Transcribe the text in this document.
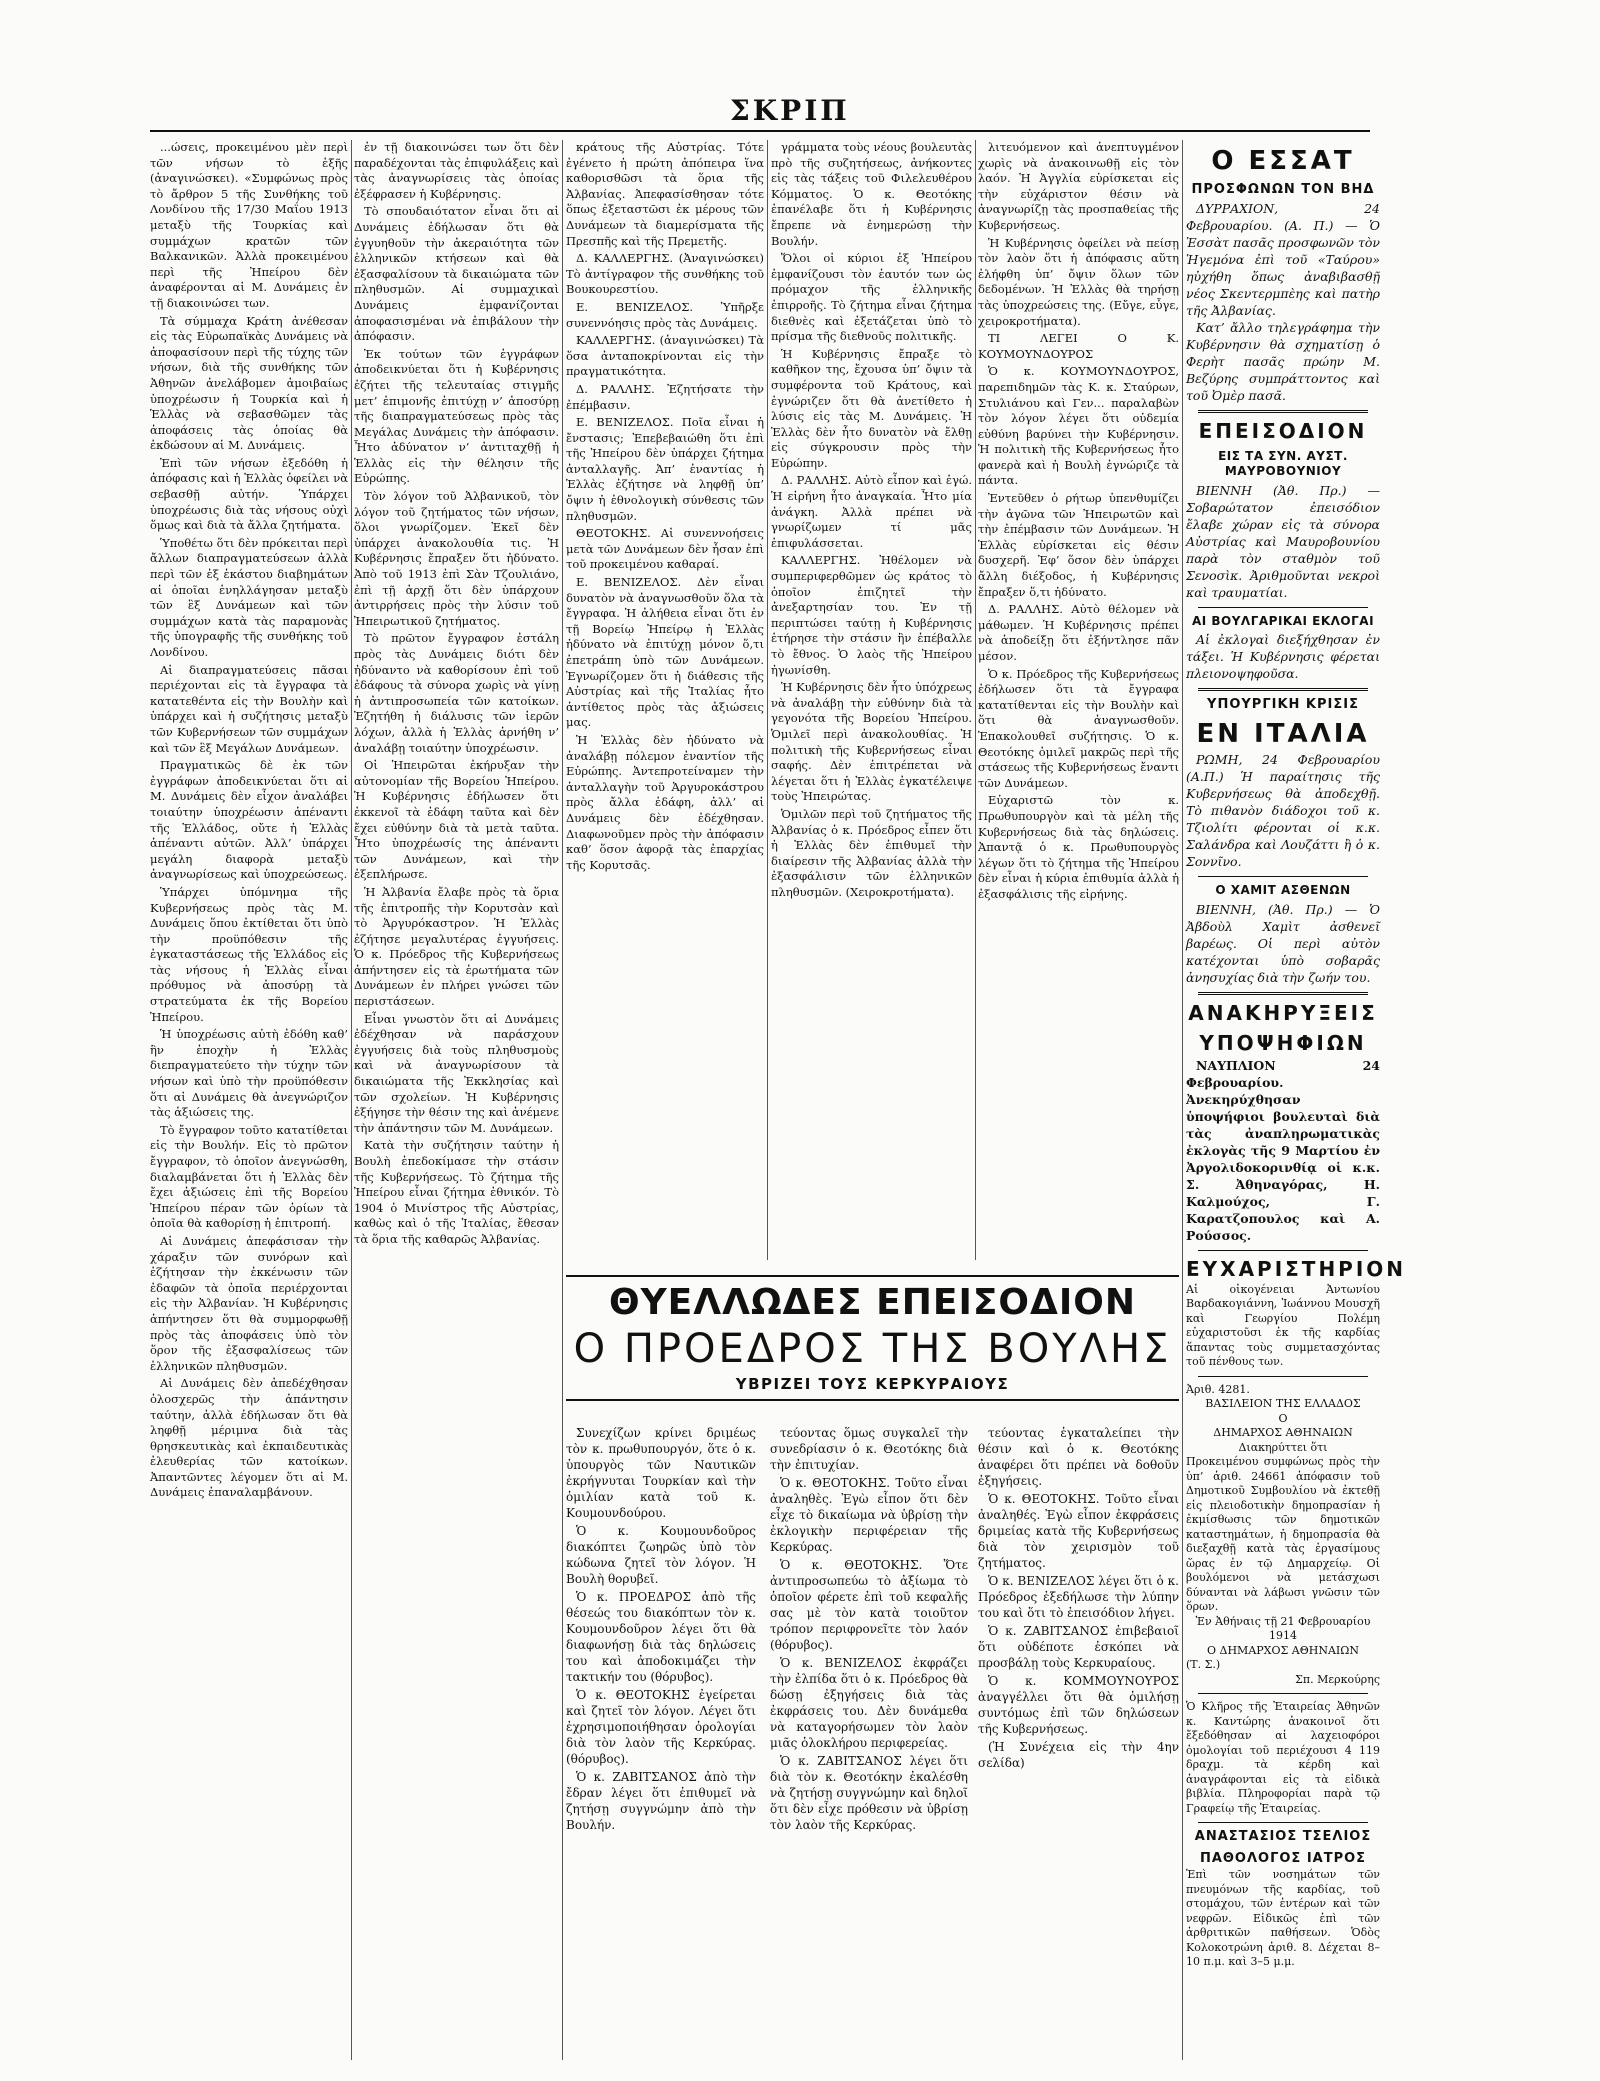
ΣΚΡΙΠ

...ώσεις, προκειμένου μὲν περὶ τῶν νήσων τὸ ἑξῆς (ἀναγινώσκει). «Συμφώνως πρὸς τὸ ἄρθρον 5 τῆς Συνθήκης τοῦ Λονδίνου τῆς 17/30 Μαΐου 1913 μεταξὺ τῆς Τουρκίας καὶ συμμάχων κρατῶν τῶν Βαλκανικῶν. Ἀλλὰ προκειμένου περὶ τῆς Ἠπείρου δὲν ἀναφέρονται αἱ Μ. Δυνάμεις ἐν τῇ διακοινώσει των.

Τὰ σύμμαχα Κράτη ἀνέθεσαν εἰς τὰς Εὐρωπαϊκὰς Δυνάμεις νὰ ἀποφασίσουν περὶ τῆς τύχης τῶν νήσων, διὰ τῆς συνθήκης τῶν Ἀθηνῶν ἀνελάβομεν ἀμοιβαίως ὑποχρέωσιν ἡ Τουρκία καὶ ἡ Ἑλλὰς νὰ σεβασθῶμεν τὰς ἀποφάσεις τὰς ὁποίας θὰ ἐκδώσουν αἱ Μ. Δυνάμεις.

Ἐπὶ τῶν νήσων ἐξεδόθη ἡ ἀπόφασις καὶ ἡ Ἑλλὰς ὀφείλει νὰ σεβασθῇ αὐτήν. Ὑπάρχει ὑποχρέωσις διὰ τὰς νήσους οὐχὶ ὅμως καὶ διὰ τὰ ἄλλα ζητήματα.

Ὑποθέτω ὅτι δὲν πρόκειται περὶ ἄλλων διαπραγματεύσεων ἀλλὰ περὶ τῶν ἐξ ἑκάστου διαβημάτων αἱ ὁποῖαι ἐνηλλάγησαν μεταξὺ τῶν ἓξ Δυνάμεων καὶ τῶν συμμάχων κατὰ τὰς παραμονὰς τῆς ὑπογραφῆς τῆς συνθήκης τοῦ Λονδίνου.

Αἱ διαπραγματεύσεις πᾶσαι περιέχονται εἰς τὰ ἔγγραφα τὰ κατατεθέντα εἰς τὴν Βουλὴν καὶ ὑπάρχει καὶ ἡ συζήτησις μεταξὺ τῶν Κυβερνήσεων τῶν συμμάχων καὶ τῶν ἓξ Μεγάλων Δυνάμεων.

Πραγματικῶς δὲ ἐκ τῶν ἐγγράφων ἀποδεικνύεται ὅτι αἱ Μ. Δυνάμεις δὲν εἶχον ἀναλάβει τοιαύτην ὑποχρέωσιν ἀπέναντι τῆς Ἑλλάδος, οὔτε ἡ Ἑλλὰς ἀπέναντι αὐτῶν. Ἀλλ’ ὑπάρχει μεγάλη διαφορὰ μεταξὺ ἀναγνωρίσεως καὶ ὑποχρεώσεως.

Ὑπάρχει ὑπόμνημα τῆς Κυβερνήσεως πρὸς τὰς Μ. Δυνάμεις ὅπου ἐκτίθεται ὅτι ὑπὸ τὴν προϋπόθεσιν τῆς ἐγκαταστάσεως τῆς Ἑλλάδος εἰς τὰς νήσους ἡ Ἑλλὰς εἶναι πρόθυμος νὰ ἀποσύρῃ τὰ στρατεύματα ἐκ τῆς Βορείου Ἠπείρου.

Ἡ ὑποχρέωσις αὐτὴ ἐδόθη καθ’ ἣν ἐποχὴν ἡ Ἑλλὰς διεπραγματεύετο τὴν τύχην τῶν νήσων καὶ ὑπὸ τὴν προϋπόθεσιν ὅτι αἱ Δυνάμεις θὰ ἀνεγνώριζον τὰς ἀξιώσεις της.

Τὸ ἔγγραφον τοῦτο κατατίθεται εἰς τὴν Βουλήν. Εἰς τὸ πρῶτον ἔγγραφον, τὸ ὁποῖον ἀνεγνώσθη, διαλαμβάνεται ὅτι ἡ Ἑλλὰς δὲν ἔχει ἀξιώσεις ἐπὶ τῆς Βορείου Ἠπείρου πέραν τῶν ὁρίων τὰ ὁποῖα θὰ καθορίσῃ ἡ ἐπιτροπή.

Αἱ Δυνάμεις ἀπεφάσισαν τὴν χάραξιν τῶν συνόρων καὶ ἐζήτησαν τὴν ἐκκένωσιν τῶν ἐδαφῶν τὰ ὁποῖα περιέρχονται εἰς τὴν Ἀλβανίαν. Ἡ Κυβέρνησις ἀπήντησεν ὅτι θὰ συμμορφωθῇ πρὸς τὰς ἀποφάσεις ὑπὸ τὸν ὅρον τῆς ἐξασφαλίσεως τῶν ἑλληνικῶν πληθυσμῶν.

Αἱ Δυνάμεις δὲν ἀπεδέχθησαν ὁλοσχερῶς τὴν ἀπάντησιν ταύτην, ἀλλὰ ἐδήλωσαν ὅτι θὰ ληφθῇ μέριμνα διὰ τὰς θρησκευτικὰς καὶ ἐκπαιδευτικὰς ἐλευθερίας τῶν κατοίκων. Ἀπαντῶντες λέγομεν ὅτι αἱ Μ. Δυνάμεις ἐπαναλαμβάνουν.

ἐν τῇ διακοινώσει των ὅτι δὲν παραδέχονται τὰς ἐπιφυλάξεις καὶ τὰς ἀναγνωρίσεις τὰς ὁποίας ἐξέφρασεν ἡ Κυβέρνησις.

Τὸ σπουδαιότατον εἶναι ὅτι αἱ Δυνάμεις ἐδήλωσαν ὅτι θὰ ἐγγυηθοῦν τὴν ἀκεραιότητα τῶν ἑλληνικῶν κτήσεων καὶ θὰ ἐξασφαλίσουν τὰ δικαιώματα τῶν πληθυσμῶν. Αἱ συμμαχικαὶ Δυνάμεις ἐμφανίζονται ἀποφασισμέναι νὰ ἐπιβάλουν τὴν ἀπόφασιν.

Ἐκ τούτων τῶν ἐγγράφων ἀποδεικνύεται ὅτι ἡ Κυβέρνησις ἐζήτει τῆς τελευταίας στιγμῆς μετ’ ἐπιμονῆς ἐπιτύχῃ ν’ ἀποσύρῃ τῆς διαπραγματεύσεως πρὸς τὰς Μεγάλας Δυνάμεις τὴν ἀπόφασιν. Ἦτο ἀδύνατον ν’ ἀντιταχθῇ ἡ Ἑλλὰς εἰς τὴν θέλησιν τῆς Εὐρώπης.

Τὸν λόγον τοῦ Ἀλβανικοῦ, τὸν λόγον τοῦ ζητήματος τῶν νήσων, ὅλοι γνωρίζομεν. Ἐκεῖ δὲν ὑπάρχει ἀνακολουθία τις. Ἡ Κυβέρνησις ἔπραξεν ὅτι ἠδύνατο. Ἀπὸ τοῦ 1913 ἐπὶ Σὰν Τζουλιάνο, ἐπὶ τῇ ἀρχῇ ὅτι δὲν ὑπάρχουν ἀντιρρήσεις πρὸς τὴν λύσιν τοῦ Ἠπειρωτικοῦ ζητήματος.

Τὸ πρῶτον ἔγγραφον ἐστάλη πρὸς τὰς Δυνάμεις διότι δὲν ἠδύναντο νὰ καθορίσουν ἐπὶ τοῦ ἐδάφους τὰ σύνορα χωρὶς νὰ γίνῃ ἡ ἀντιπροσωπεία τῶν κατοίκων. Ἐζητήθη ἡ διάλυσις τῶν ἱερῶν λόχων, ἀλλὰ ἡ Ἑλλὰς ἀρνήθη ν’ ἀναλάβῃ τοιαύτην ὑποχρέωσιν.

Οἱ Ἠπειρῶται ἐκήρυξαν τὴν αὐτονομίαν τῆς Βορείου Ἠπείρου. Ἡ Κυβέρνησις ἐδήλωσεν ὅτι ἐκκενοῖ τὰ ἐδάφη ταῦτα καὶ δὲν ἔχει εὐθύνην διὰ τὰ μετὰ ταῦτα. Ἦτο ὑποχρέωσίς της ἀπέναντι τῶν Δυνάμεων, καὶ τὴν ἐξεπλήρωσε.

Ἡ Ἀλβανία ἔλαβε πρὸς τὰ ὅρια τῆς ἐπιτροπῆς τὴν Κορυτσὰν καὶ τὸ Ἀργυρόκαστρον. Ἡ Ἑλλὰς ἐζήτησε μεγαλυτέρας ἐγγυήσεις. Ὁ κ. Πρόεδρος τῆς Κυβερνήσεως ἀπήντησεν εἰς τὰ ἐρωτήματα τῶν Δυνάμεων ἐν πλήρει γνώσει τῶν περιστάσεων.

Εἶναι γνωστὸν ὅτι αἱ Δυνάμεις ἐδέχθησαν νὰ παράσχουν ἐγγυήσεις διὰ τοὺς πληθυσμοὺς καὶ νὰ ἀναγνωρίσουν τὰ δικαιώματα τῆς Ἐκκλησίας καὶ τῶν σχολείων. Ἡ Κυβέρνησις ἐξήγησε τὴν θέσιν της καὶ ἀνέμενε τὴν ἀπάντησιν τῶν Μ. Δυνάμεων.

Κατὰ τὴν συζήτησιν ταύτην ἡ Βουλὴ ἐπεδοκίμασε τὴν στάσιν τῆς Κυβερνήσεως. Τὸ ζήτημα τῆς Ἠπείρου εἶναι ζήτημα ἐθνικόν. Τὸ 1904 ὁ Μινίστρος τῆς Αὐστρίας, καθὼς καὶ ὁ τῆς Ἰταλίας, ἔθεσαν τὰ ὅρια τῆς καθαρῶς Ἀλβανίας.

κράτους τῆς Αὐστρίας. Τότε ἐγένετο ἡ πρώτη ἀπόπειρα ἵνα καθορισθῶσι τὰ ὅρια τῆς Ἀλβανίας. Ἀπεφασίσθησαν τότε ὅπως ἐξεταστῶσι ἐκ μέρους τῶν Δυνάμεων τὰ διαμερίσματα τῆς Πρεσπῆς καὶ τῆς Πρεμετῆς.

Δ. ΚΑΛΛΕΡΓΗΣ. (Ἀναγινώσκει) Τὸ ἀντίγραφον τῆς συνθήκης τοῦ Βουκουρεστίου.

Ε. ΒΕΝΙΖΕΛΟΣ. Ὑπῆρξε συνεννόησις πρὸς τὰς Δυνάμεις.

ΚΑΛΛΕΡΓΗΣ. (ἀναγινώσκει) Τὰ ὅσα ἀνταποκρίνονται εἰς τὴν πραγματικότητα.

Δ. ΡΑΛΛΗΣ. Ἐζητήσατε τὴν ἐπέμβασιν.

Ε. ΒΕΝΙΖΕΛΟΣ. Ποῖα εἶναι ἡ ἔνστασις; Ἐπεβεβαιώθη ὅτι ἐπὶ τῆς Ἠπείρου δὲν ὑπάρχει ζήτημα ἀνταλλαγῆς. Ἀπ’ ἐναντίας ἡ Ἑλλὰς ἐζήτησε νὰ ληφθῇ ὑπ’ ὄψιν ἡ ἐθνολογικὴ σύνθεσις τῶν πληθυσμῶν.

ΘΕΟΤΟΚΗΣ. Αἱ συνεννοήσεις μετὰ τῶν Δυνάμεων δὲν ἦσαν ἐπὶ τοῦ προκειμένου καθαραί.

Ε. ΒΕΝΙΖΕΛΟΣ. Δὲν εἶναι δυνατὸν νὰ ἀναγνωσθοῦν ὅλα τὰ ἔγγραφα. Ἡ ἀλήθεια εἶναι ὅτι ἐν τῇ Βορείῳ Ἠπείρῳ ἡ Ἑλλὰς ἠδύνατο νὰ ἐπιτύχῃ μόνον ὅ,τι ἐπετράπη ὑπὸ τῶν Δυνάμεων. Ἐγνωρίζομεν ὅτι ἡ διάθεσις τῆς Αὐστρίας καὶ τῆς Ἰταλίας ἦτο ἀντίθετος πρὸς τὰς ἀξιώσεις μας.

Ἡ Ἑλλὰς δὲν ἠδύνατο νὰ ἀναλάβῃ πόλεμον ἐναντίον τῆς Εὐρώπης. Ἀντεπροτείναμεν τὴν ἀνταλλαγὴν τοῦ Ἀργυροκάστρου πρὸς ἄλλα ἐδάφη, ἀλλ’ αἱ Δυνάμεις δὲν ἐδέχθησαν. Διαφωνοῦμεν πρὸς τὴν ἀπόφασιν καθ’ ὅσον ἀφορᾷ τὰς ἐπαρχίας τῆς Κορυτσᾶς.

γράμματα τοὺς νέους βουλευτὰς πρὸ τῆς συζητήσεως, ἀνήκοντες εἰς τὰς τάξεις τοῦ Φιλελευθέρου Κόμματος. Ὁ κ. Θεοτόκης ἐπανέλαβε ὅτι ἡ Κυβέρνησις ἔπρεπε νὰ ἐνημερώσῃ τὴν Βουλήν.

Ὅλοι οἱ κύριοι ἐξ Ἠπείρου ἐμφανίζουσι τὸν ἑαυτόν των ὡς πρόμαχον τῆς ἑλληνικῆς ἐπιρροῆς. Τὸ ζήτημα εἶναι ζήτημα διεθνὲς καὶ ἐξετάζεται ὑπὸ τὸ πρίσμα τῆς διεθνοῦς πολιτικῆς.

Ἡ Κυβέρνησις ἔπραξε τὸ καθῆκον της, ἔχουσα ὑπ’ ὄψιν τὰ συμφέροντα τοῦ Κράτους, καὶ ἐγνώριζεν ὅτι θὰ ἀνετίθετο ἡ λύσις εἰς τὰς Μ. Δυνάμεις. Ἡ Ἑλλὰς δὲν ἦτο δυνατὸν νὰ ἔλθῃ εἰς σύγκρουσιν πρὸς τὴν Εὐρώπην.

Δ. ΡΑΛΛΗΣ. Αὐτὸ εἶπον καὶ ἐγώ. Ἡ εἰρήνη ἦτο ἀναγκαία. Ἦτο μία ἀνάγκη. Ἀλλὰ πρέπει νὰ γνωρίζωμεν τί μᾶς ἐπιφυλάσσεται.

ΚΑΛΛΕΡΓΗΣ. Ἠθέλομεν νὰ συμπεριφερθῶμεν ὡς κράτος τὸ ὁποῖον ἐπιζητεῖ τὴν ἀνεξαρτησίαν του. Ἐν τῇ περιπτώσει ταύτῃ ἡ Κυβέρνησις ἐτήρησε τὴν στάσιν ἣν ἐπέβαλλε τὸ ἔθνος. Ὁ λαὸς τῆς Ἠπείρου ἠγωνίσθη.

Ἡ Κυβέρνησις δὲν ἦτο ὑπόχρεως νὰ ἀναλάβῃ τὴν εὐθύνην διὰ τὰ γεγονότα τῆς Βορείου Ἠπείρου. Ὁμιλεῖ περὶ ἀνακολουθίας. Ἡ πολιτικὴ τῆς Κυβερνήσεως εἶναι σαφής. Δὲν ἐπιτρέπεται νὰ λέγεται ὅτι ἡ Ἑλλὰς ἐγκατέλειψε τοὺς Ἠπειρώτας.

Ὁμιλῶν περὶ τοῦ ζητήματος τῆς Ἀλβανίας ὁ κ. Πρόεδρος εἶπεν ὅτι ἡ Ἑλλὰς δὲν ἐπιθυμεῖ τὴν διαίρεσιν τῆς Ἀλβανίας ἀλλὰ τὴν ἐξασφάλισιν τῶν ἑλληνικῶν πληθυσμῶν. (Χειροκροτήματα).

λιτευόμενον καὶ ἀνεπτυγμένον χωρὶς νὰ ἀνακοινωθῇ εἰς τὸν λαόν. Ἡ Ἀγγλία εὑρίσκεται εἰς τὴν εὐχάριστον θέσιν νὰ ἀναγνωρίζῃ τὰς προσπαθείας τῆς Κυβερνήσεως.

Ἡ Κυβέρνησις ὀφείλει νὰ πείσῃ τὸν λαὸν ὅτι ἡ ἀπόφασις αὕτη ἐλήφθη ὑπ’ ὄψιν ὅλων τῶν δεδομένων. Ἡ Ἑλλὰς θὰ τηρήσῃ τὰς ὑποχρεώσεις της. (Εὔγε, εὖγε, χειροκροτήματα).

ΤΙ ΛΕΓΕΙ Ο Κ. ΚΟΥΜΟΥΝΔΟΥΡΟΣ

Ὁ κ. ΚΟΥΜΟΥΝΔΟΥΡΟΣ, παρεπιδημῶν τὰς Κ. κ. Σταύρων, Στυλιάνου καὶ Γεν... παραλαβὼν τὸν λόγον λέγει ὅτι οὐδεμία εὐθύνη βαρύνει τὴν Κυβέρνησιν. Ἡ πολιτικὴ τῆς Κυβερνήσεως ἦτο φανερὰ καὶ ἡ Βουλὴ ἐγνώριζε τὰ πάντα.

Ἐντεῦθεν ὁ ρήτωρ ὑπενθυμίζει τὴν ἀγῶνα τῶν Ἠπειρωτῶν καὶ τὴν ἐπέμβασιν τῶν Δυνάμεων. Ἡ Ἑλλὰς εὑρίσκεται εἰς θέσιν δυσχερῆ. Ἐφ’ ὅσον δὲν ὑπάρχει ἄλλη διέξοδος, ἡ Κυβέρνησις ἔπραξεν ὅ,τι ἠδύνατο.

Δ. ΡΑΛΛΗΣ. Αὐτὸ θέλομεν νὰ μάθωμεν. Ἡ Κυβέρνησις πρέπει νὰ ἀποδείξῃ ὅτι ἐξήντλησε πᾶν μέσον.

Ὁ κ. Πρόεδρος τῆς Κυβερνήσεως ἐδήλωσεν ὅτι τὰ ἔγγραφα κατατίθενται εἰς τὴν Βουλὴν καὶ ὅτι θὰ ἀναγνωσθοῦν. Ἐπακολουθεῖ συζήτησις. Ὁ κ. Θεοτόκης ὁμιλεῖ μακρῶς περὶ τῆς στάσεως τῆς Κυβερνήσεως ἔναντι τῶν Δυνάμεων.

Εὐχαριστῶ τὸν κ. Πρωθυπουργὸν καὶ τὰ μέλη τῆς Κυβερνήσεως διὰ τὰς δηλώσεις. Ἀπαντᾷ ὁ κ. Πρωθυπουργὸς λέγων ὅτι τὸ ζήτημα τῆς Ἠπείρου δὲν εἶναι ἡ κύρια ἐπιθυμία ἀλλὰ ἡ ἐξασφάλισις τῆς εἰρήνης.

ΘΥΕΛΛΩΔΕΣ ΕΠΕΙΣΟΔΙΟΝ
Ο ΠΡΟΕΔΡΟΣ ΤΗΣ ΒΟΥΛΗΣ
ΥΒΡΙΖΕΙ ΤΟΥΣ ΚΕΡΚΥΡΑΙΟΥΣ

Συνεχίζων κρίνει δριμέως τὸν κ. πρωθυπουργόν, ὅτε ὁ κ. ὑπουργὸς τῶν Ναυτικῶν ἐκρήγνυται Τουρκίαν καὶ τὴν ὁμιλίαν κατὰ τοῦ κ. Κουμουνδούρου.

Ὁ κ. Κουμουνδοῦρος διακόπτει ζωηρῶς ὑπὸ τὸν κώδωνα ζητεῖ τὸν λόγον. Ἡ Βουλὴ θορυβεῖ.

Ὁ κ. ΠΡΟΕΔΡΟΣ ἀπὸ τῆς θέσεώς του διακόπτων τὸν κ. Κουμουνδοῦρον λέγει ὅτι θὰ διαφωνήσῃ διὰ τὰς δηλώσεις του καὶ ἀποδοκιμάζει τὴν τακτικήν του (θόρυβος).

Ὁ κ. ΘΕΟΤΟΚΗΣ ἐγείρεται καὶ ζητεῖ τὸν λόγον. Λέγει ὅτι ἐχρησιμοποιήθησαν ὁρολογίαι διὰ τὸν λαὸν τῆς Κερκύρας. (θόρυβος).

Ὁ κ. ΖΑΒΙΤΣΑΝΟΣ ἀπὸ τὴν ἔδραν λέγει ὅτι ἐπιθυμεῖ νὰ ζητήσῃ συγγνώμην ἀπὸ τὴν Βουλήν.

τεύοντας ὅμως συγκαλεῖ τὴν συνεδρίασιν ὁ κ. Θεοτόκης διὰ τὴν ἐπιτυχίαν.

Ὁ κ. ΘΕΟΤΟΚΗΣ. Τοῦτο εἶναι ἀναληθὲς. Ἐγὼ εἶπον ὅτι δὲν εἶχε τὸ δικαίωμα νὰ ὑβρίσῃ τὴν ἐκλογικὴν περιφέρειαν τῆς Κερκύρας.

Ὁ κ. ΘΕΟΤΟΚΗΣ. Ὅτε ἀντιπροσωπεύω τὸ ἀξίωμα τὸ ὁποῖον φέρετε ἐπὶ τοῦ κεφαλῆς σας μὲ τὸν κατὰ τοιοῦτον τρόπον περιφρονεῖτε τὸν λαόν (θόρυβος).

Ὁ κ. ΒΕΝΙΖΕΛΟΣ ἐκφράζει τὴν ἐλπίδα ὅτι ὁ κ. Πρόεδρος θὰ δώσῃ ἐξηγήσεις διὰ τὰς ἐκφράσεις του. Δὲν δυνάμεθα νὰ καταγορήσωμεν τὸν λαὸν μιᾶς ὁλοκλήρου περιφερείας.

Ὁ κ. ΖΑΒΙΤΣΑΝΟΣ λέγει ὅτι διὰ τὸν κ. Θεοτόκην ἐκαλέσθη νὰ ζητήσῃ συγγνώμην καὶ δηλοῖ ὅτι δὲν εἶχε πρόθεσιν νὰ ὑβρίσῃ τὸν λαὸν τῆς Κερκύρας.

τεύοντας ἐγκαταλείπει τὴν θέσιν καὶ ὁ κ. Θεοτόκης ἀναφέρει ὅτι πρέπει νὰ δοθοῦν ἐξηγήσεις.

Ὁ κ. ΘΕΟΤΟΚΗΣ. Τοῦτο εἶναι ἀναληθές. Ἐγὼ εἶπον ἐκφράσεις δριμείας κατὰ τῆς Κυβερνήσεως διὰ τὸν χειρισμὸν τοῦ ζητήματος.

Ὁ κ. ΒΕΝΙΖΕΛΟΣ λέγει ὅτι ὁ κ. Πρόεδρος ἐξεδήλωσε τὴν λύπην του καὶ ὅτι τὸ ἐπεισόδιον λήγει.

Ὁ κ. ΖΑΒΙΤΣΑΝΟΣ ἐπιβεβαιοῖ ὅτι οὐδέποτε ἐσκόπει νὰ προσβάλῃ τοὺς Κερκυραίους.

Ὁ κ. ΚΟΜΜΟΥΝΟΥΡΟΣ ἀναγγέλλει ὅτι θὰ ὁμιλήσῃ συντόμως ἐπὶ τῶν δηλώσεων τῆς Κυβερνήσεως.

(Ἡ Συνέχεια εἰς τὴν 4ην σελίδα)

Ο ΕΣΣΑΤ
ΠΡΟΣΦΩΝΩΝ ΤΟΝ ΒΗΔ
ΔΥΡΡΑΧΙΟΝ, 24 Φεβρουαρίου. (Α. Π.) — Ὁ Ἐσσὰτ πασᾶς προσφωνῶν τὸν Ἡγεμόνα ἐπὶ τοῦ «Ταύρου» ηὐχήθη ὅπως ἀναβιβασθῇ νέος Σκεντερμπὲης καὶ πατὴρ τῆς Ἀλβανίας.
Κατ’ ἄλλο τηλεγράφημα τὴν Κυβέρνησιν θὰ σχηματίσῃ ὁ Φερὴτ πασᾶς πρώην Μ. Βεζύρης συμπράττοντος καὶ τοῦ Ὀμὲρ πασᾶ.
ΕΠΕΙΣΟΔΙΟΝ
ΕΙΣ ΤΑ ΣΥΝ. ΑΥΣΤ. ΜΑΥΡΟΒΟΥΝΙΟΥ
ΒΙΕΝΝΗ (Ἀθ. Πρ.) — Σοβαρώτατον ἐπεισόδιον ἔλαβε χώραν εἰς τὰ σύνορα Αὐστρίας καὶ Μαυροβουνίου παρὰ τὸν σταθμὸν τοῦ Σενοσὶκ. Ἀριθμοῦνται νεκροὶ καὶ τραυματίαι.
ΑΙ ΒΟΥΛΓΑΡΙΚΑΙ ΕΚΛΟΓΑΙ
Αἱ ἐκλογαὶ διεξήχθησαν ἐν τάξει. Ἡ Κυβέρνησις φέρεται πλειονοψηφοῦσα.
ΥΠΟΥΡΓΙΚΗ ΚΡΙΣΙΣ
ΕΝ ΙΤΑΛΙΑ
ΡΩΜΗ, 24 Φεβρουαρίου (Α.Π.) Ἡ παραίτησις τῆς Κυβερνήσεως θὰ ἀποδεχθῇ. Τὸ πιθανὸν διάδοχοι τοῦ κ. Τζιολίτι φέρονται οἱ κ.κ. Σαλάνδρα καὶ Λουζάττι ἢ ὁ κ. Σοννῖνο.
Ο ΧΑΜΙΤ ΑΣΘΕΝΩΝ
ΒΙΕΝΝΗ, (Ἀθ. Πρ.) — Ὁ Ἀβδοὺλ Χαμὶτ ἀσθενεῖ βαρέως. Οἱ περὶ αὐτὸν κατέχονται ὑπὸ σοβαρᾶς ἀνησυχίας διὰ τὴν ζωήν του.
ΑΝΑΚΗΡΥΞΕΙΣ
ΥΠΟΨΗΦΙΩΝ
ΝΑΥΠΛΙΟΝ 24 Φεβρουαρίου. Ἀνεκηρύχθησαν ὑποψήφιοι βουλευταὶ διὰ τὰς ἀναπληρωματικὰς ἐκλογὰς τῆς 9 Μαρτίου ἐν Ἀργολιδοκορινθίᾳ οἱ κ.κ. Σ. Ἀθηναγόρας, Η. Καλμούχος, Γ. Καρατζοπουλος καὶ Α. Ρούσσος.
ΕΥΧΑΡΙΣΤΗΡΙΟΝ
Αἱ οἰκογένειαι Ἀντωνίου Βαρδακογιάννη, Ἰωάννου Μουσχῆ καὶ Γεωργίου Πολέμη εὐχαριστοῦσι ἐκ τῆς καρδίας ἅπαντας τοὺς συμμετασχόντας τοῦ πένθους των.
Ἀριθ. 4281.
ΒΑΣΙΛΕΙΟΝ ΤΗΣ ΕΛΛΑΔΟΣ
Ο
ΔΗΜΑΡΧΟΣ ΑΘΗΝΑΙΩΝ
Διακηρύττει ὅτι
Προκειμένου συμφώνως πρὸς τὴν ὑπ’ ἀριθ. 24661 ἀπόφασιν τοῦ Δημοτικοῦ Συμβουλίου νὰ ἐκτεθῇ εἰς πλειοδοτικὴν δημοπρασίαν ἡ ἐκμίσθωσις τῶν δημοτικῶν καταστημάτων, ἡ δημοπρασία θὰ διεξαχθῇ κατὰ τὰς ἐργασίμους ὥρας ἐν τῷ Δημαρχείῳ. Οἱ βουλόμενοι νὰ μετάσχωσι δύνανται νὰ λάβωσι γνῶσιν τῶν ὅρων.
Ἐν Ἀθήναις τῇ 21 Φεβρουαρίου 1914
Ο ΔΗΜΑΡΧΟΣ ΑΘΗΝΑΙΩΝ
(Τ. Σ.)
Σπ. Μερκούρης
Ὁ Κλῆρος τῆς Ἐταιρείας Ἀθηνῶν κ. Καντώρης ἀνακοινοῖ ὅτι ἔξεδόθησαν αἱ λαχειοφόροι ὁμολογίαι τοῦ περιέχουσι 4 119 δραχμ. τὰ κέρδη καὶ ἀναγράφονται εἰς τὰ εἰδικὰ βιβλία. Πληροφορίαι παρὰ τῷ Γραφείῳ τῆς Ἑταιρείας.
ΑΝΑΣΤΑΣΙΟΣ ΤΣΕΛΙΟΣ
ΠΑΘΟΛΟΓΟΣ ΙΑΤΡΟΣ
Ἐπὶ τῶν νοσημάτων τῶν πνευμόνων τῆς καρδίας, τοῦ στομάχου, τῶν ἐντέρων καὶ τῶν νεφρῶν. Εἰδικῶς ἐπὶ τῶν ἀρθριτικῶν παθήσεων. Ὁδὸς Κολοκοτρώνη ἀριθ. 8. Δέχεται 8–10 π.μ. καὶ 3–5 μ.μ.
